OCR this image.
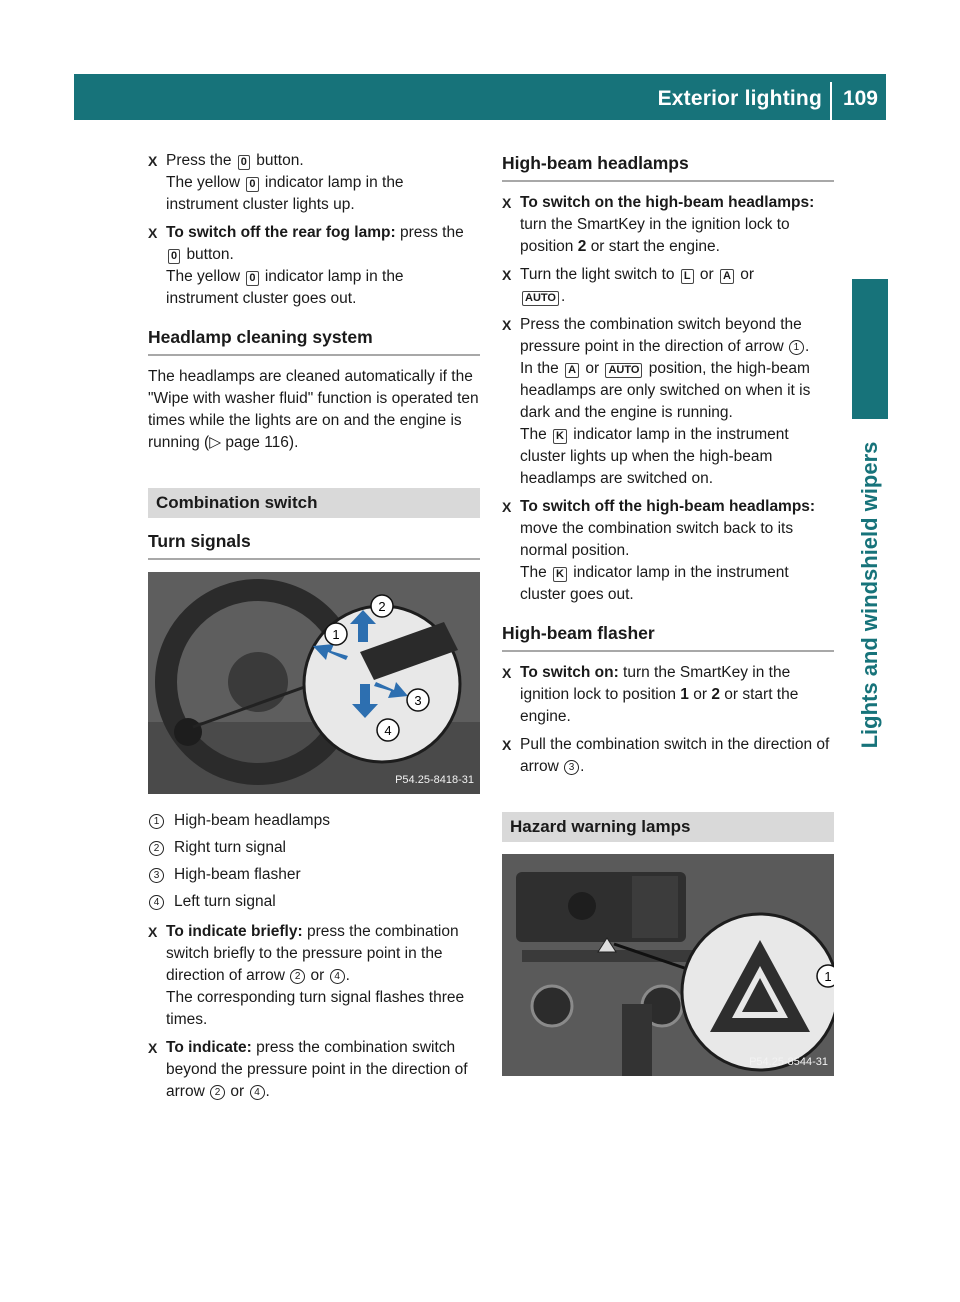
Exterior lighting 109
Lights and windshield wipers
X Press the 0 button.
The yellow 0 indicator lamp in the instrument cluster lights up.

X To switch off the rear fog lamp: press the 0 button.
The yellow 0 indicator lamp in the instrument cluster goes out.

Headlamp cleaning system

The headlamps are cleaned automatically if the "Wipe with washer fluid" function is operated ten times while the lights are on and the engine is running (▷ page 116).

Combination switch
Turn signals
2
1
3
4
P54.25-8418-31
1 High-beam headlamps
2 Right turn signal
3 High-beam flasher
4 Left turn signal
X To indicate briefly: press the combination switch briefly to the pressure point in the direction of arrow 2 or 4 .
The corresponding turn signal flashes three times.

X To indicate: press the combination switch beyond the pressure point in the direction of arrow 2 or 4 .

High-beam headlamps
X To switch on the high-beam headlamps: turn the SmartKey in the ignition lock to position 2 or start the engine.

X Turn the light switch to L or A or
AUTO .

X Press the combination switch beyond the pressure point in the direction of arrow 1 .
In the A or AUTO position, the high-beam headlamps are only switched on when it is dark and the engine is running.
The K indicator lamp in the instrument cluster lights up when the high-beam headlamps are switched on.

X To switch off the high-beam headlamps: move the combination switch back to its normal position.
The K indicator lamp in the instrument cluster goes out.

High-beam flasher
X To switch on: turn the SmartKey in the ignition lock to position 1 or 2 or start the engine.

X Pull the combination switch in the direction of arrow 3 .

Hazard warning lamps
1
P54.25-8544-31
